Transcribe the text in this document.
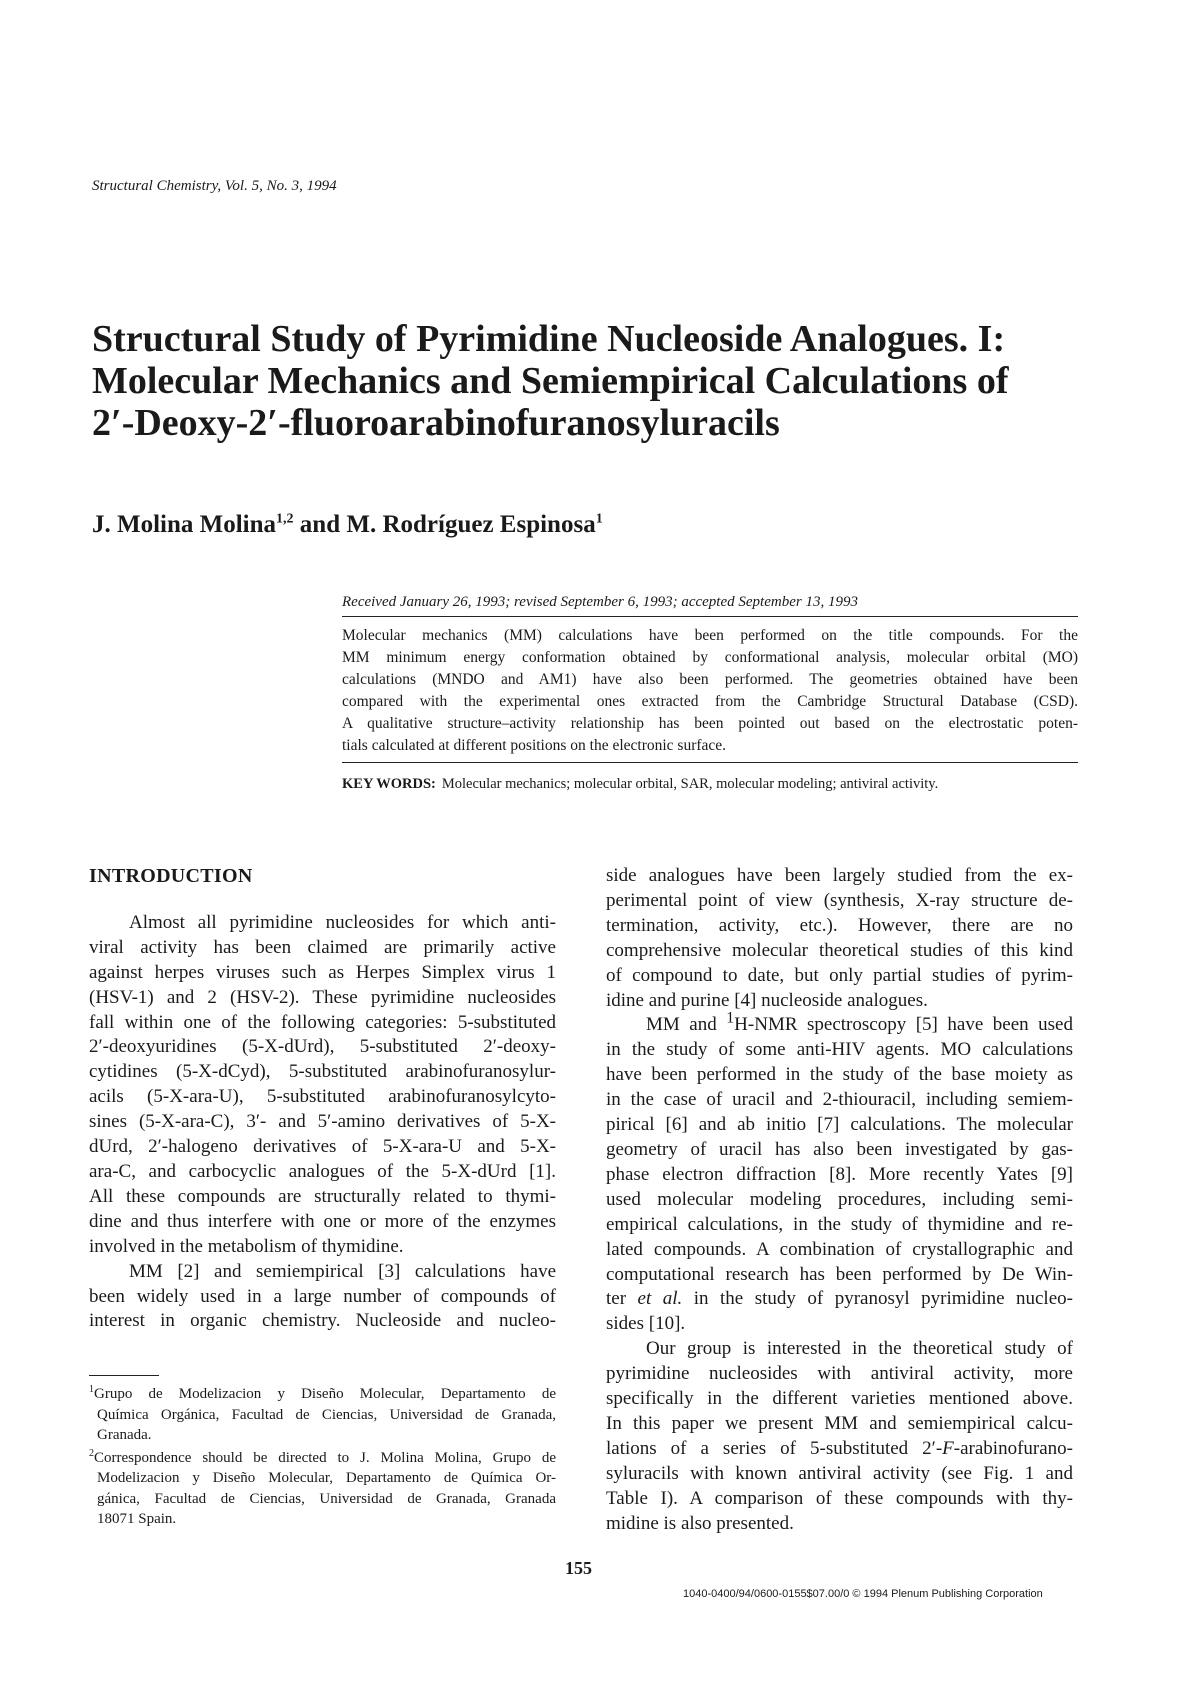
Structural Chemistry, Vol. 5, No. 3, 1994
Structural Study of Pyrimidine Nucleoside Analogues. I:
Molecular Mechanics and Semiempirical Calculations of
2′-Deoxy-2′-fluoroarabinofuranosyluracils
J. Molina Molina$^{1,2}$ and M. Rodríguez Espinosa$^1$
Received January 26, 1993; revised September 6, 1993; accepted September 13, 1993
Molecular mechanics (MM) calculations have been performed on the title compounds. For the
MM minimum energy conformation obtained by conformational analysis, molecular orbital (MO)
calculations (MNDO and AM1) have also been performed. The geometries obtained have been
compared with the experimental ones extracted from the Cambridge Structural Database (CSD).
A qualitative structure–activity relationship has been pointed out based on the electrostatic poten-
tials calculated at different positions on the electronic surface.
KEY WORDS: Molecular mechanics; molecular orbital, SAR, molecular modeling; antiviral activity.
INTRODUCTION
Almost all pyrimidine nucleosides for which anti-
viral activity has been claimed are primarily active
against herpes viruses such as Herpes Simplex virus 1
(HSV-1) and 2 (HSV-2). These pyrimidine nucleosides
fall within one of the following categories: 5-substituted
2′-deoxyuridines (5-X-dUrd), 5-substituted 2′-deoxy-
cytidines (5-X-dCyd), 5-substituted arabinofuranosylur-
acils (5-X-ara-U), 5-substituted arabinofuranosylcyto-
sines (5-X-ara-C), 3′- and 5′-amino derivatives of 5-X-
dUrd, 2′-halogeno derivatives of 5-X-ara-U and 5-X-
ara-C, and carbocyclic analogues of the 5-X-dUrd [1].
All these compounds are structurally related to thymi-
dine and thus interfere with one or more of the enzymes
involved in the metabolism of thymidine.
MM [2] and semiempirical [3] calculations have
been widely used in a large number of compounds of
interest in organic chemistry. Nucleoside and nucleo-
side analogues have been largely studied from the ex-
perimental point of view (synthesis, X-ray structure de-
termination, activity, etc.). However, there are no
comprehensive molecular theoretical studies of this kind
of compound to date, but only partial studies of pyrim-
idine and purine [4] nucleoside analogues.
MM and $^1$H-NMR spectroscopy [5] have been used
in the study of some anti-HIV agents. MO calculations
have been performed in the study of the base moiety as
in the case of uracil and 2-thiouracil, including semiem-
pirical [6] and ab initio [7] calculations. The molecular
geometry of uracil has also been investigated by gas-
phase electron diffraction [8]. More recently Yates [9]
used molecular modeling procedures, including semi-
empirical calculations, in the study of thymidine and re-
lated compounds. A combination of crystallographic and
computational research has been performed by De Win-
ter et al. in the study of pyranosyl pyrimidine nucleo-
sides [10].
Our group is interested in the theoretical study of
pyrimidine nucleosides with antiviral activity, more
specifically in the different varieties mentioned above.
In this paper we present MM and semiempirical calcu-
lations of a series of 5-substituted 2′-F-arabinofurano-
syluracils with known antiviral activity (see Fig. 1 and
Table I). A comparison of these compounds with thy-
midine is also presented.
$^1$Grupo de Modelizacion y Diseño Molecular, Departamento de
Química Orgánica, Facultad de Ciencias, Universidad de Granada,
Granada.
$^2$Correspondence should be directed to J. Molina Molina, Grupo de
Modelizacion y Diseño Molecular, Departamento de Química Or-
gánica, Facultad de Ciencias, Universidad de Granada, Granada
18071 Spain.
155
1040-0400/94/0600-0155$07.00/0 © 1994 Plenum Publishing Corporation
